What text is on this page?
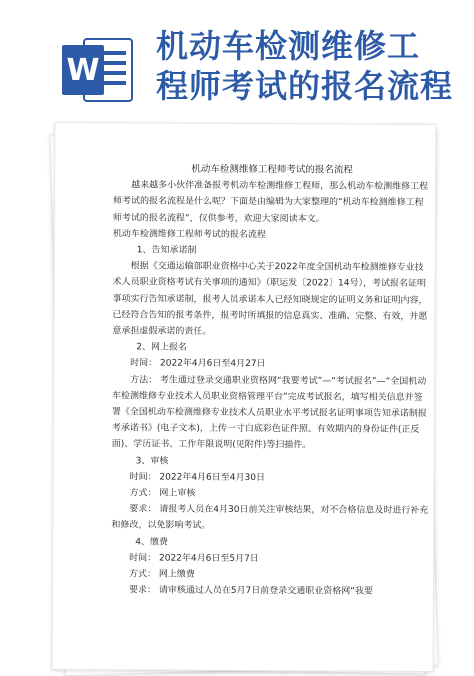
W
机动车检测维修工
程师考试的报名流程

机动车检测维修工程师考试的报名流程

越来越多小伙伴准备报考机动车检测维修工程师，那么机动车检测维修工程师考试的报名流程是什么呢？下面是由编辑为大家整理的“机动车检测维修工程师考试的报名流程”，仅供参考，欢迎大家阅读本文。

机动车检测维修工程师考试的报名流程

1、告知承诺制

根据《交通运输部职业资格中心关于2022年度全国机动车检测维修专业技术人员职业资格考试有关事项的通知》（职运发〔2022〕14号），考试报名证明事项实行告知承诺制，报考人员承诺本人已经知晓规定的证明义务和证明内容，已经符合告知的报考条件，报考时所填报的信息真实、准确、完整、有效，并愿意承担虚假承诺的责任。

2、网上报名

时间： 2022年4月6日至4月27日

方法： 考生通过登录交通职业资格网“我要考试”—“考试报名”—“全国机动车检测维修专业技术人员职业资格管理平台”完成考试报名，填写相关信息并签署《全国机动车检测维修专业技术人员职业水平考试报名证明事项告知承诺制报考承诺书》(电子文本)，上传一寸白底彩色证件照、有效期内的身份证件(正反面)、学历证书、工作年限说明(见附件)等扫描件。

3、审核

时间： 2022年4月6日至4月30日

方式： 网上审核

要求： 请报考人员在4月30日前关注审核结果，对不合格信息及时进行补充和修改，以免影响考试。

4、缴费

时间： 2022年4月6日至5月7日

方式： 网上缴费

要求： 请审核通过人员在5月7日前登录交通职业资格网“我要
